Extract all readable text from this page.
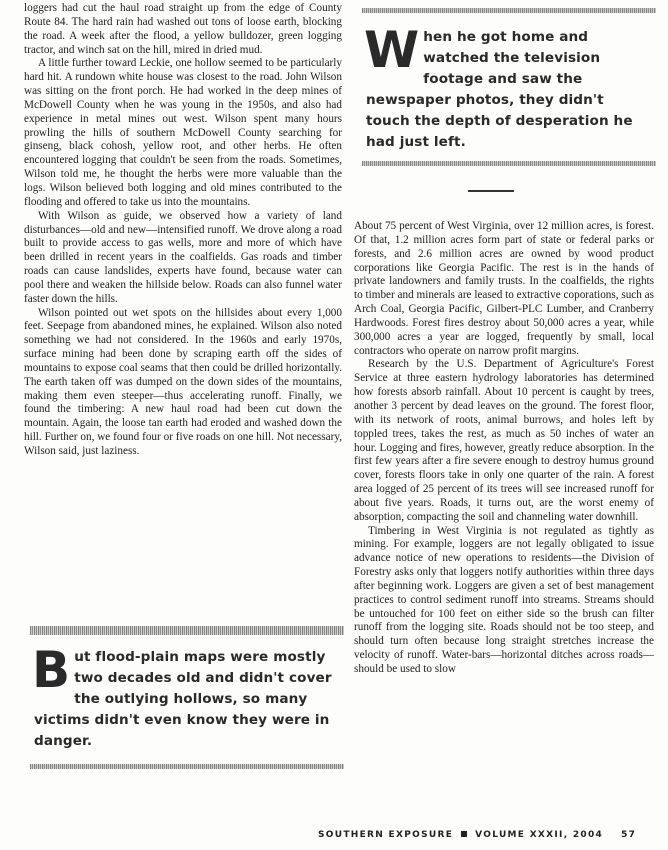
loggers had cut the haul road straight up from the edge of County Route 84. The hard rain had washed out tons of loose earth, blocking the road. A week after the flood, a yellow bulldozer, green logging tractor, and winch sat on the hill, mired in dried mud.

A little further toward Leckie, one hollow seemed to be particularly hard hit. A rundown white house was closest to the road. John Wilson was sitting on the front porch. He had worked in the deep mines of McDowell County when he was young in the 1950s, and also had experience in metal mines out west. Wilson spent many hours prowling the hills of southern McDowell County searching for ginseng, black cohosh, yellow root, and other herbs. He often encountered logging that couldn't be seen from the roads. Sometimes, Wilson told me, he thought the herbs were more valuable than the logs. Wilson believed both logging and old mines contributed to the flooding and offered to take us into the mountains.

With Wilson as guide, we observed how a variety of land disturbances—old and new—intensified runoff. We drove along a road built to provide access to gas wells, more and more of which have been drilled in recent years in the coalfields. Gas roads and timber roads can cause landslides, experts have found, because water can pool there and weaken the hillside below. Roads can also funnel water faster down the hills.

Wilson pointed out wet spots on the hillsides about every 1,000 feet. Seepage from abandoned mines, he explained. Wilson also noted something we had not considered. In the 1960s and early 1970s, surface mining had been done by scraping earth off the sides of mountains to expose coal seams that then could be drilled horizontally. The earth taken off was dumped on the down sides of the mountains, making them even steeper—thus accelerating runoff. Finally, we found the timbering: A new haul road had been cut down the mountain. Again, the loose tan earth had eroded and washed down the hill. Further on, we found four or five roads on one hill. Not necessary, Wilson said, just laziness.

When he got home and watched the television footage and saw the newspaper photos, they didn't touch the depth of desperation he had just left.

About 75 percent of West Virginia, over 12 million acres, is forest. Of that, 1.2 million acres form part of state or federal parks or forests, and 2.6 million acres are owned by wood product corporations like Georgia Pacific. The rest is in the hands of private landowners and family trusts. In the coalfields, the rights to timber and minerals are leased to extractive coporations, such as Arch Coal, Georgia Pacific, Gilbert-PLC Lumber, and Cranberry Hardwoods. Forest fires destroy about 50,000 acres a year, while 300,000 acres a year are logged, frequently by small, local contractors who operate on narrow profit margins.

Research by the U.S. Department of Agriculture's Forest Service at three eastern hydrology laboratories has determined how forests absorb rainfall. About 10 percent is caught by trees, another 3 percent by dead leaves on the ground. The forest floor, with its network of roots, animal burrows, and holes left by toppled trees, takes the rest, as much as 50 inches of water an hour. Logging and fires, however, greatly reduce absorption. In the first few years after a fire severe enough to destroy humus ground cover, forests floors take in only one quarter of the rain. A forest area logged of 25 percent of its trees will see increased runoff for about five years. Roads, it turns out, are the worst enemy of absorption, compacting the soil and channeling water downhill.

Timbering in West Virginia is not regulated as tightly as mining. For example, loggers are not legally obligated to issue advance notice of new operations to residents—the Division of Forestry asks only that loggers notify authorities within three days after beginning work. Loggers are given a set of best management practices to control sediment runoff into streams. Streams should be untouched for 100 feet on either side so the brush can filter runoff from the logging site. Roads should not be too steep, and should turn often because long straight stretches increase the velocity of runoff. Water-bars—horizontal ditches across roads—should be used to slow

But flood-plain maps were mostly two decades old and didn't cover the outlying hollows, so many victims didn't even know they were in danger.
SOUTHERN EXPOSURE VOLUME XXXII, 2004 57
